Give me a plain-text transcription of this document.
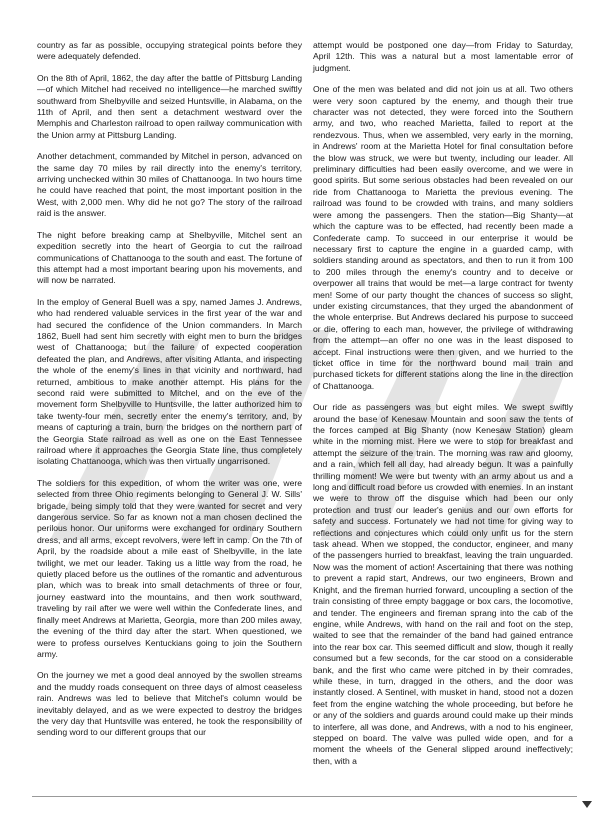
country as far as possible, occupying strategical points before they were adequately defended.

On the 8th of April, 1862, the day after the battle of Pittsburg Landing—of which Mitchel had received no intelligence—he marched swiftly southward from Shelbyville and seized Huntsville, in Alabama, on the 11th of April, and then sent a detachment westward over the Memphis and Charleston railroad to open railway communication with the Union army at Pittsburg Landing.

Another detachment, commanded by Mitchel in person, advanced on the same day 70 miles by rail directly into the enemy's territory, arriving unchecked within 30 miles of Chattanooga. In two hours time he could have reached that point, the most important position in the West, with 2,000 men. Why did he not go? The story of the railroad raid is the answer.

The night before breaking camp at Shelbyville, Mitchel sent an expedition secretly into the heart of Georgia to cut the railroad communications of Chattanooga to the south and east. The fortune of this attempt had a most important bearing upon his movements, and will now be narrated.

In the employ of General Buell was a spy, named James J. Andrews, who had rendered valuable services in the first year of the war and had secured the confidence of the Union commanders. In March 1862, Buell had sent him secretly with eight men to burn the bridges west of Chattanooga; but the failure of expected cooperation defeated the plan, and Andrews, after visiting Atlanta, and inspecting the whole of the enemy's lines in that vicinity and northward, had returned, ambitious to make another attempt. His plans for the second raid were submitted to Mitchel, and on the eve of the movement form Shelbyville to Huntsville, the latter authorized him to take twenty-four men, secretly enter the enemy's territory, and, by means of capturing a train, burn the bridges on the northern part of the Georgia State railroad as well as one on the East Tennessee railroad where it approaches the Georgia State line, thus completely isolating Chattanooga, which was then virtually ungarrisoned.

The soldiers for this expedition, of whom the writer was one, were selected from three Ohio regiments belonging to General J. W. Sills' brigade, being simply told that they were wanted for secret and very dangerous service. So far as known not a man chosen declined the perilous honor. Our uniforms were exchanged for ordinary Southern dress, and all arms, except revolvers, were left in camp. On the 7th of April, by the roadside about a mile east of Shelbyville, in the late twilight, we met our leader. Taking us a little way from the road, he quietly placed before us the outlines of the romantic and adventurous plan, which was to break into small detachments of three or four, journey eastward into the mountains, and then work southward, traveling by rail after we were well within the Confederate lines, and finally meet Andrews at Marietta, Georgia, more than 200 miles away, the evening of the third day after the start. When questioned, we were to profess ourselves Kentuckians going to join the Southern army.

On the journey we met a good deal annoyed by the swollen streams and the muddy roads consequent on three days of almost ceaseless rain. Andrews was led to believe that Mitchel's column would be inevitably delayed, and as we were expected to destroy the bridges the very day that Huntsville was entered, he took the responsibility of sending word to our different groups that our

attempt would be postponed one day—from Friday to Saturday, April 12th. This was a natural but a most lamentable error of judgment.

One of the men was belated and did not join us at all. Two others were very soon captured by the enemy, and though their true character was not detected, they were forced into the Southern army, and two, who reached Marietta, failed to report at the rendezvous. Thus, when we assembled, very early in the morning, in Andrews' room at the Marietta Hotel for final consultation before the blow was struck, we were but twenty, including our leader. All preliminary difficulties had been easily overcome, and we were in good spirits. But some serious obstacles had been revealed on our ride from Chattanooga to Marietta the previous evening. The railroad was found to be crowded with trains, and many soldiers were among the passengers. Then the station—Big Shanty—at which the capture was to be effected, had recently been made a Confederate camp. To succeed in our enterprise it would be necessary first to capture the engine in a guarded camp, with soldiers standing around as spectators, and then to run it from 100 to 200 miles through the enemy's country and to deceive or overpower all trains that would be met—a large contract for twenty men! Some of our party thought the chances of success so slight, under existing circumstances, that they urged the abandonment of the whole enterprise. But Andrews declared his purpose to succeed or die, offering to each man, however, the privilege of withdrawing from the attempt—an offer no one was in the least disposed to accept. Final instructions were then given, and we hurried to the ticket office in time for the northward bound mail train and purchased tickets for different stations along the line in the direction of Chattanooga.

Our ride as passengers was but eight miles. We swept swiftly around the base of Kenesaw Mountain and soon saw the tents of the forces camped at Big Shanty (now Kenesaw Station) gleam white in the morning mist. Here we were to stop for breakfast and attempt the seizure of the train. The morning was raw and gloomy, and a rain, which fell all day, had already begun. It was a painfully thrilling moment! We were but twenty with an army about us and a long and difficult road before us crowded with enemies. In an instant we were to throw off the disguise which had been our only protection and trust our leader's genius and our own efforts for safety and success. Fortunately we had not time for giving way to reflections and conjectures which could only unfit us for the stern task ahead. When we stopped, the conductor, engineer, and many of the passengers hurried to breakfast, leaving the train unguarded. Now was the moment of action! Ascertaining that there was nothing to prevent a rapid start, Andrews, our two engineers, Brown and Knight, and the fireman hurried forward, uncoupling a section of the train consisting of three empty baggage or box cars, the locomotive, and tender. The engineers and fireman sprang into the cab of the engine, while Andrews, with hand on the rail and foot on the step, waited to see that the remainder of the band had gained entrance into the rear box car. This seemed difficult and slow, though it really consumed but a few seconds, for the car stood on a considerable bank, and the first who came were pitched in by their comrades, while these, in turn, dragged in the others, and the door was instantly closed. A Sentinel, with musket in hand, stood not a dozen feet from the engine watching the whole proceeding, but before he or any of the soldiers and guards around could make up their minds to interfere, all was done, and Andrews, with a nod to his engineer, stepped on board. The valve was pulled wide open, and for a moment the wheels of the General slipped around ineffectively; then, with a
